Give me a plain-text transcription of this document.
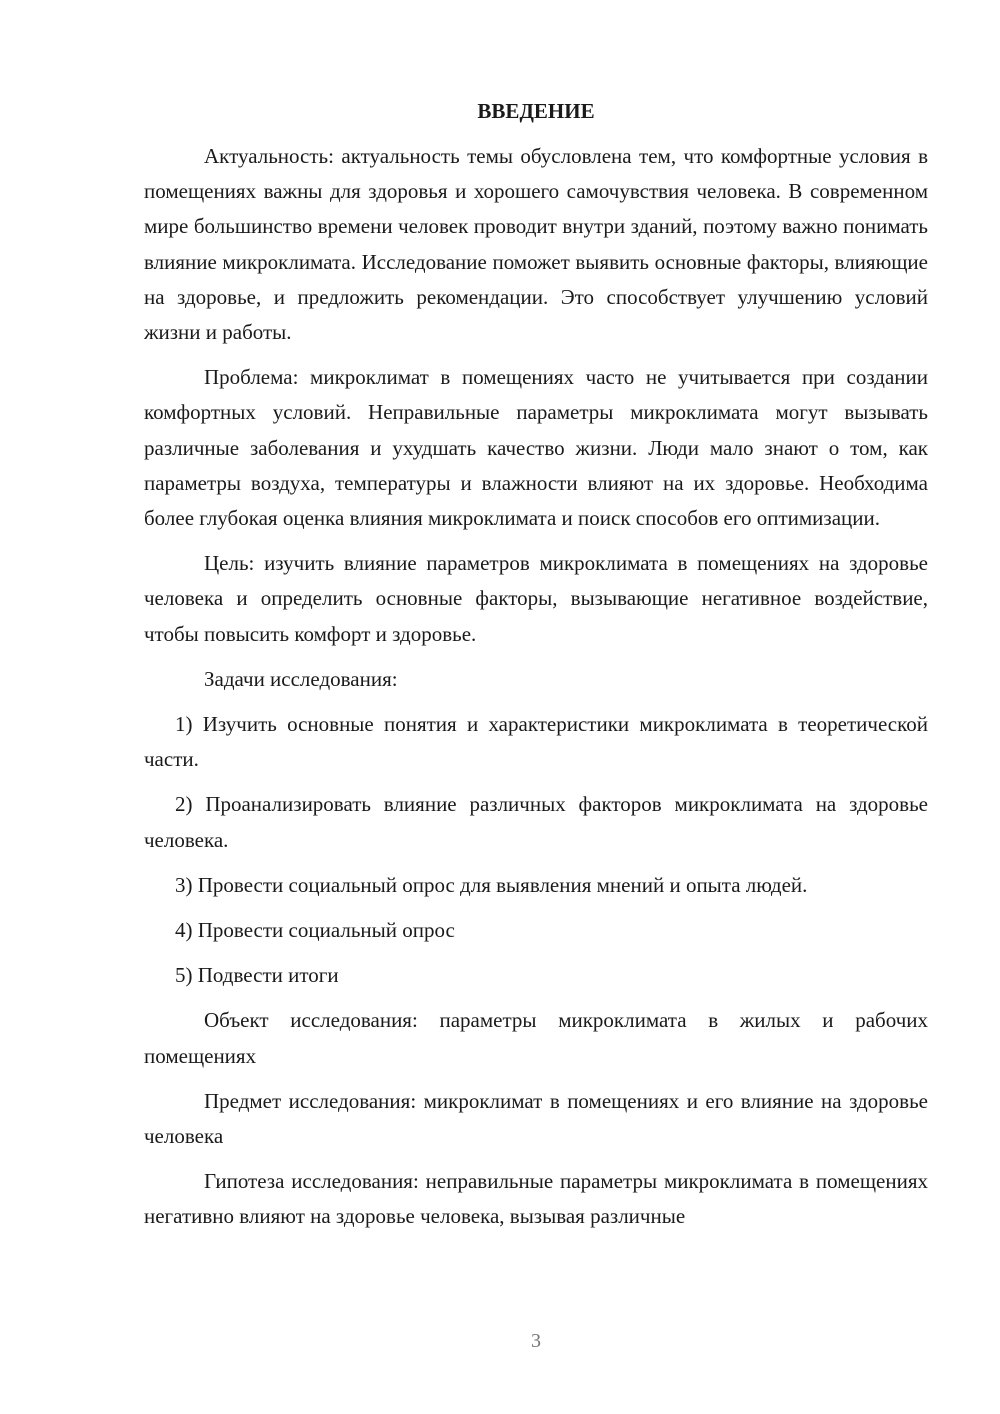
ВВЕДЕНИЕ

Актуальность: актуальность темы обусловлена тем, что комфортные условия в помещениях важны для здоровья и хорошего самочувствия человека. В современном мире большинство времени человек проводит внутри зданий, поэтому важно понимать влияние микроклимата. Исследование поможет выявить основные факторы, влияющие на здоровье, и предложить рекомендации. Это способствует улучшению условий жизни и работы.

Проблема: микроклимат в помещениях часто не учитывается при создании комфортных условий. Неправильные параметры микроклимата могут вызывать различные заболевания и ухудшать качество жизни. Люди мало знают о том, как параметры воздуха, температуры и влажности влияют на их здоровье. Необходима более глубокая оценка влияния микроклимата и поиск способов его оптимизации.

Цель: изучить влияние параметров микроклимата в помещениях на здоровье человека и определить основные факторы, вызывающие негативное воздействие, чтобы повысить комфорт и здоровье.

Задачи исследования:

1) Изучить основные понятия и характеристики микроклимата в теоретической части.

2) Проанализировать влияние различных факторов микроклимата на здоровье человека.

3) Провести социальный опрос для выявления мнений и опыта людей.

4) Провести социальный опрос

5) Подвести итоги

Объект исследования: параметры микроклимата в жилых и рабочих помещениях

Предмет исследования: микроклимат в помещениях и его влияние на здоровье человека

Гипотеза исследования: неправильные параметры микроклимата в помещениях негативно влияют на здоровье человека, вызывая различные

3
